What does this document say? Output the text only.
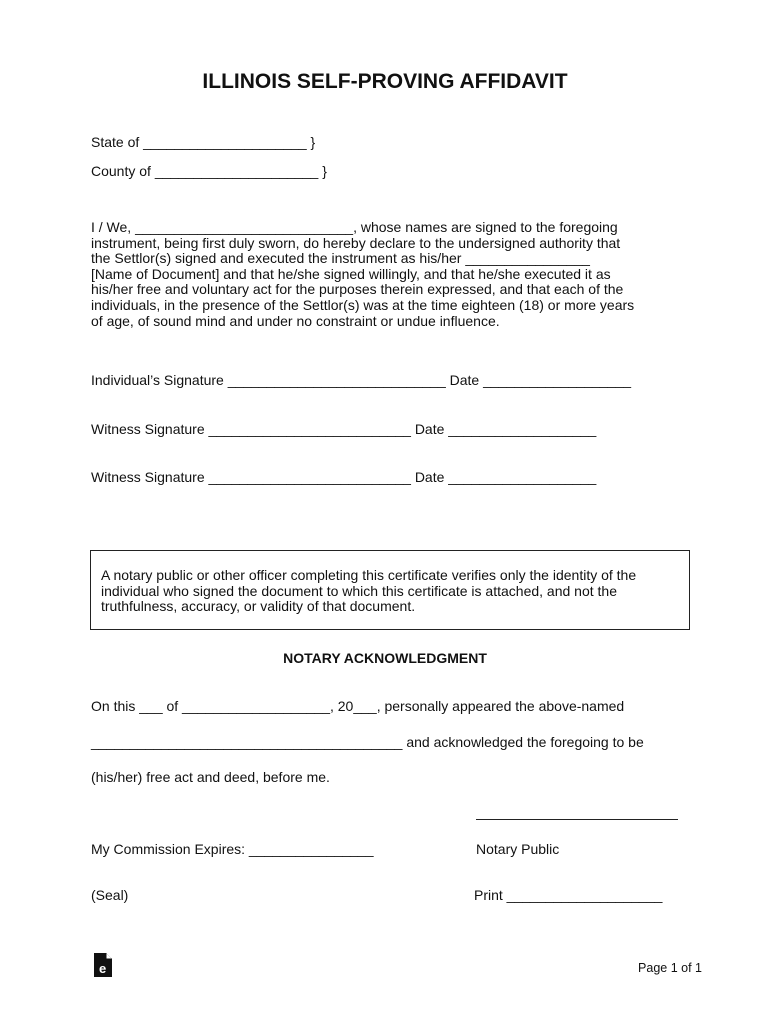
ILLINOIS SELF-PROVING AFFIDAVIT
State of _____________________ }
County of _____________________ }
I / We, ____________________________, whose names are signed to the foregoing
instrument, being first duly sworn, do hereby declare to the undersigned authority that
the Settlor(s) signed and executed the instrument as his/her ________________
[Name of Document] and that he/she signed willingly, and that he/she executed it as
his/her free and voluntary act for the purposes therein expressed, and that each of the
individuals, in the presence of the Settlor(s) was at the time eighteen (18) or more years
of age, of sound mind and under no constraint or undue influence.
Individual’s Signature ____________________________ Date ___________________
Witness Signature __________________________ Date ___________________
Witness Signature __________________________ Date ___________________
A notary public or other officer completing this certificate verifies only the identity of the
individual who signed the document to which this certificate is attached, and not the
truthfulness, accuracy, or validity of that document.
NOTARY ACKNOWLEDGMENT
On this ___ of ___________________, 20___, personally appeared the above-named
________________________________________ and acknowledged the foregoing to be
(his/her) free act and deed, before me.
My Commission Expires: ________________	Notary Public
(Seal)	Print ____________________
e	Page 1 of 1
